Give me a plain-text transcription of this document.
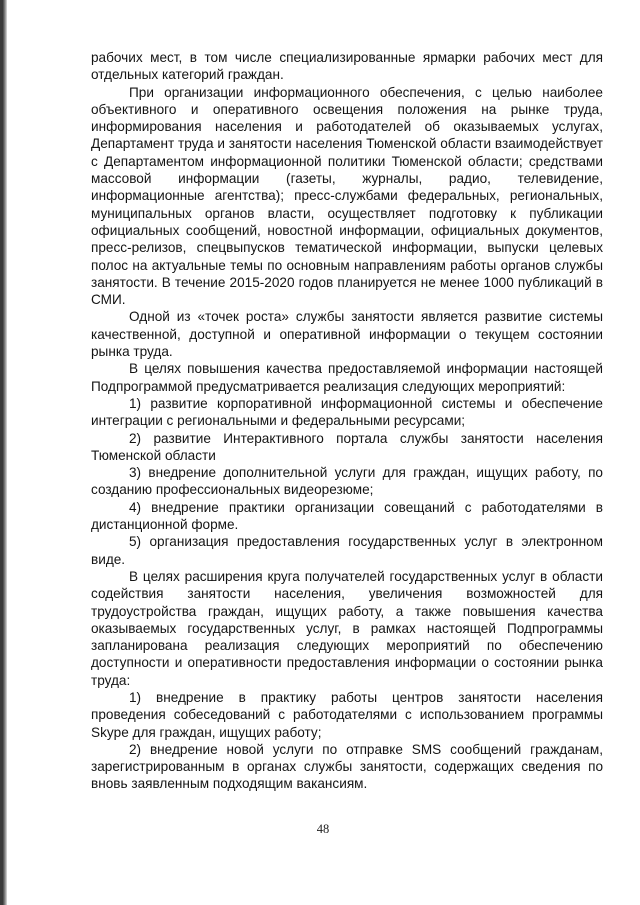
рабочих мест, в том числе специализированные ярмарки рабочих мест для отдельных категорий граждан.

При организации информационного обеспечения, с целью наиболее объективного и оперативного освещения положения на рынке труда, информирования населения и работодателей об оказываемых услугах, Департамент труда и занятости населения Тюменской области взаимодействует с Департаментом информационной политики Тюменской области; средствами массовой информации (газеты, журналы, радио, телевидение, информационные агентства); пресс-службами федеральных, региональных, муниципальных органов власти, осуществляет подготовку к публикации официальных сообщений, новостной информации, официальных документов, пресс-релизов, спецвыпусков тематической информации, выпуски целевых полос на актуальные темы по основным направлениям работы органов службы занятости. В течение 2015-2020 годов планируется не менее 1000 публикаций в СМИ.

Одной из «точек роста» службы занятости является развитие системы качественной, доступной и оперативной информации о текущем состоянии рынка труда.

В целях повышения качества предоставляемой информации настоящей Подпрограммой предусматривается реализация следующих мероприятий:

1) развитие корпоративной информационной системы и обеспечение интеграции с региональными и федеральными ресурсами;

2) развитие Интерактивного портала службы занятости населения Тюменской области

3) внедрение дополнительной услуги для граждан, ищущих работу, по созданию профессиональных видеорезюме;

4) внедрение практики организации совещаний с работодателями в дистанционной форме.

5) организация предоставления государственных услуг в электронном виде.

В целях расширения круга получателей государственных услуг в области содействия занятости населения, увеличения возможностей для трудоустройства граждан, ищущих работу, а также повышения качества оказываемых государственных услуг, в рамках настоящей Подпрограммы запланирована реализация следующих мероприятий по обеспечению доступности и оперативности предоставления информации о состоянии рынка труда:

1) внедрение в практику работы центров занятости населения проведения собеседований с работодателями с использованием программы Skype для граждан, ищущих работу;

2) внедрение новой услуги по отправке SMS сообщений гражданам, зарегистрированным в органах службы занятости, содержащих сведения по вновь заявленным подходящим вакансиям.

48
